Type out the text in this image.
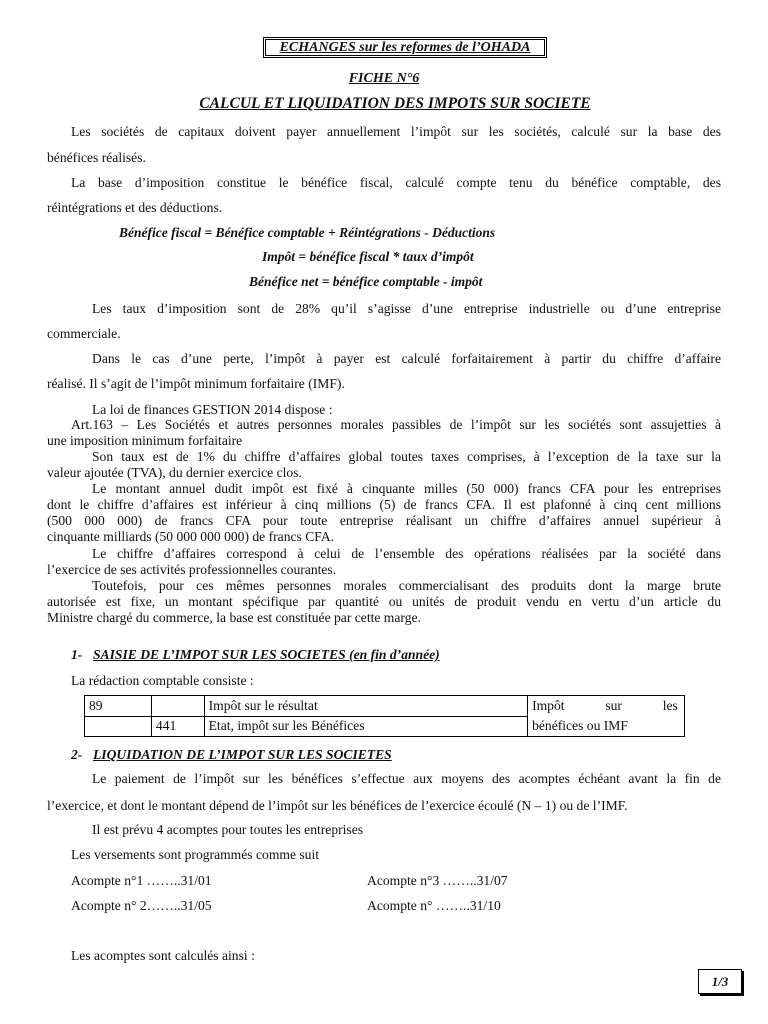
ECHANGES sur les reformes de l’OHADA
FICHE N°6
CALCUL ET LIQUIDATION DES IMPOTS SUR SOCIETE
Les sociétés de capitaux doivent payer annuellement l’impôt sur les sociétés, calculé sur la base des
bénéfices réalisés.
La base d’imposition constitue le bénéfice fiscal, calculé compte tenu du bénéfice comptable, des
réintégrations et des déductions.
Bénéfice fiscal = Bénéfice comptable + Réintégrations - Déductions
Impôt = bénéfice fiscal * taux d’impôt
Bénéfice net = bénéfice comptable - impôt
Les taux d’imposition sont de 28% qu’il s’agisse d’une entreprise industrielle ou d’une entreprise
commerciale.
Dans le cas d’une perte, l’impôt à payer est calculé forfaitairement à partir du chiffre d’affaire
réalisé. Il s’agit de l’impôt minimum forfaitaire (IMF).
La loi de finances GESTION 2014 dispose :
Art.163 – Les Sociétés et autres personnes morales passibles de l’impôt sur les sociétés sont assujetties à
une imposition minimum forfaitaire
Son taux est de 1% du chiffre d’affaires global toutes taxes comprises, à l’exception de la taxe sur la
valeur ajoutée (TVA), du dernier exercice clos.
Le montant annuel dudit impôt est fixé à cinquante milles (50 000) francs CFA pour les entreprises
dont le chiffre d’affaires est inférieur à cinq millions (5) de francs CFA. Il est plafonné à cinq cent millions
(500 000 000) de francs CFA pour toute entreprise réalisant un chiffre d’affaires annuel supérieur à
cinquante milliards (50 000 000 000) de francs CFA.
Le chiffre d’affaires correspond à celui de l’ensemble des opérations réalisées par la société dans
l’exercice de ses activités professionnelles courantes.
Toutefois, pour ces mêmes personnes morales commercialisant des produits dont la marge brute
autorisée est fixe, un montant spécifique par quantité ou unités de produit vendu en vertu d’un article du
Ministre chargé du commerce, la base est constituée par cette marge.
1- SAISIE DE L’IMPOT SUR LES SOCIETES (en fin d’année)
La rédaction comptable consiste :
89		Impôt sur le résultat	Impôt            sur            les
bénéfices ou IMF

	441	Etat, impôt sur les Bénéfices	
2- LIQUIDATION DE L’IMPOT SUR LES SOCIETES
Le paiement de l’impôt sur les bénéfices s’effectue aux moyens des acomptes échéant avant la fin de
l’exercice, et dont le montant dépend de l’impôt sur les bénéfices de l’exercice écoulé (N – 1) ou de l’IMF.
Il est prévu 4 acomptes pour toutes les entreprises
Les versements sont programmés comme suit
Acompte n°1 ……..31/01	Acompte n°3 ……..31/07
Acompte n° 2……..31/05	Acompte n° ……..31/10
Les acomptes sont calculés ainsi :
1/3
